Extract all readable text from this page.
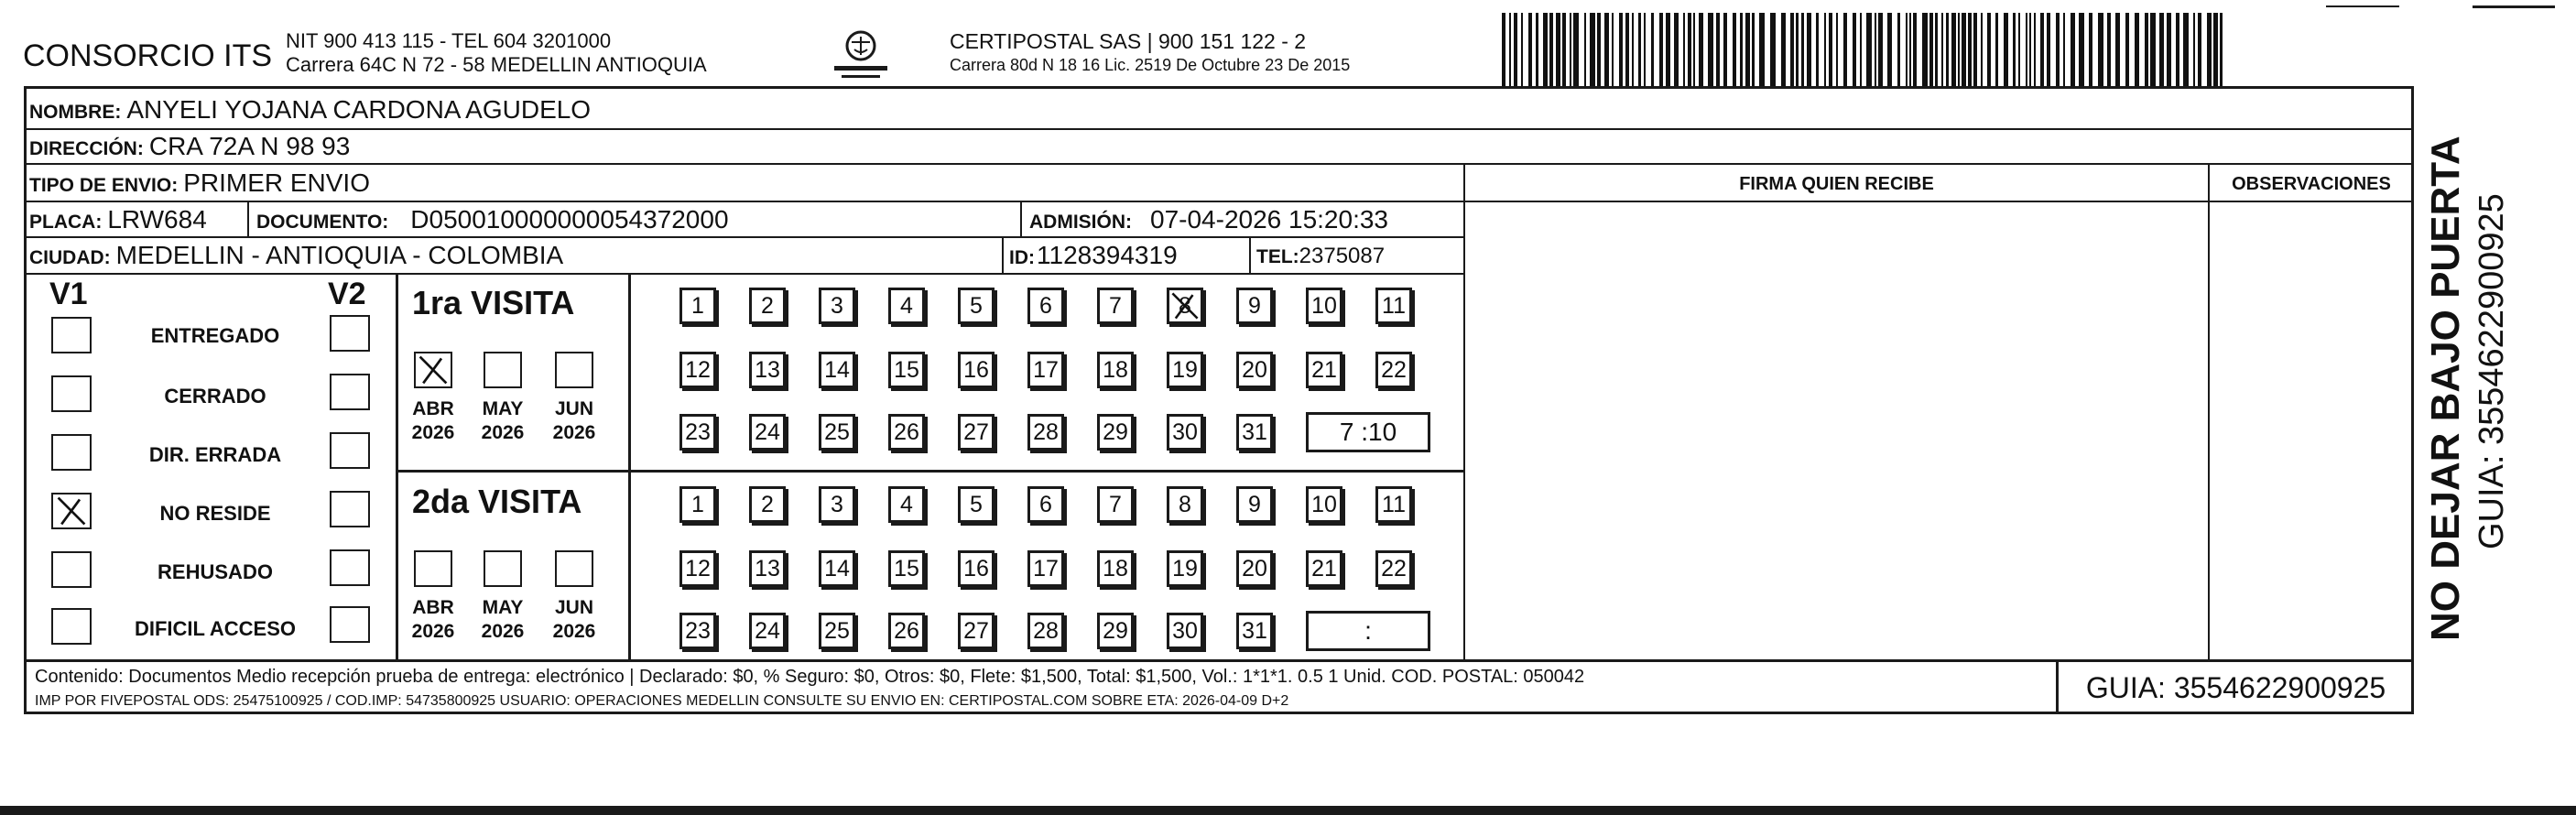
CONSORCIO ITS NIT 900 413 115 - TEL 604 3201000
Carrera 64C N 72 - 58 MEDELLIN ANTIOQUIA
CERTIPOSTAL SAS | 900 151 122 - 2
Carrera 80d N 18 16 Lic. 2519 De Octubre 23 De 2015
NOMBRE: ANYELI YOJANA CARDONA AGUDELO
DIRECCIÓN: CRA 72A N 98 93
TIPO DE ENVIO: PRIMER ENVIO
PLACA: LRW684	DOCUMENTO: D050010000000054372000	ADMISIÓN: 07-04-2026 15:20:33
CIUDAD: MEDELLIN - ANTIOQUIA - COLOMBIA	ID: 1128394319	TEL: 2375087
FIRMA QUIEN RECIBE	OBSERVACIONES
V1	V2
ENTREGADO
CERRADO
DIR. ERRADA
NO RESIDE
REHUSADO
DIFICIL ACCESO
1ra VISITA
ABR
2026
MAY
2026
JUN
2026
1 2 3 4 5 6 7 8 9 10 11
12 13 14 15 16 17 18 19 20 21 22
23 24 25 26 27 28 29 30 31	7 :10
2da VISITA
ABR
2026
MAY
2026
JUN
2026
1 2 3 4 5 6 7 8 9 10 11
12 13 14 15 16 17 18 19 20 21 22
23 24 25 26 27 28 29 30 31	:
Contenido: Documentos Medio recepción prueba de entrega: electrónico | Declarado: $0, % Seguro: $0, Otros: $0, Flete: $1,500, Total: $1,500, Vol.: 1*1*1. 0.5 1 Unid. COD. POSTAL: 050042
IMP POR FIVEPOSTAL ODS: 25475100925 / COD.IMP: 54735800925 USUARIO: OPERACIONES MEDELLIN CONSULTE SU ENVIO EN: CERTIPOSTAL.COM SOBRE ETA: 2026-04-09 D+2	GUIA: 3554622900925
NO DEJAR BAJO PUERTA GUIA: 3554622900925
